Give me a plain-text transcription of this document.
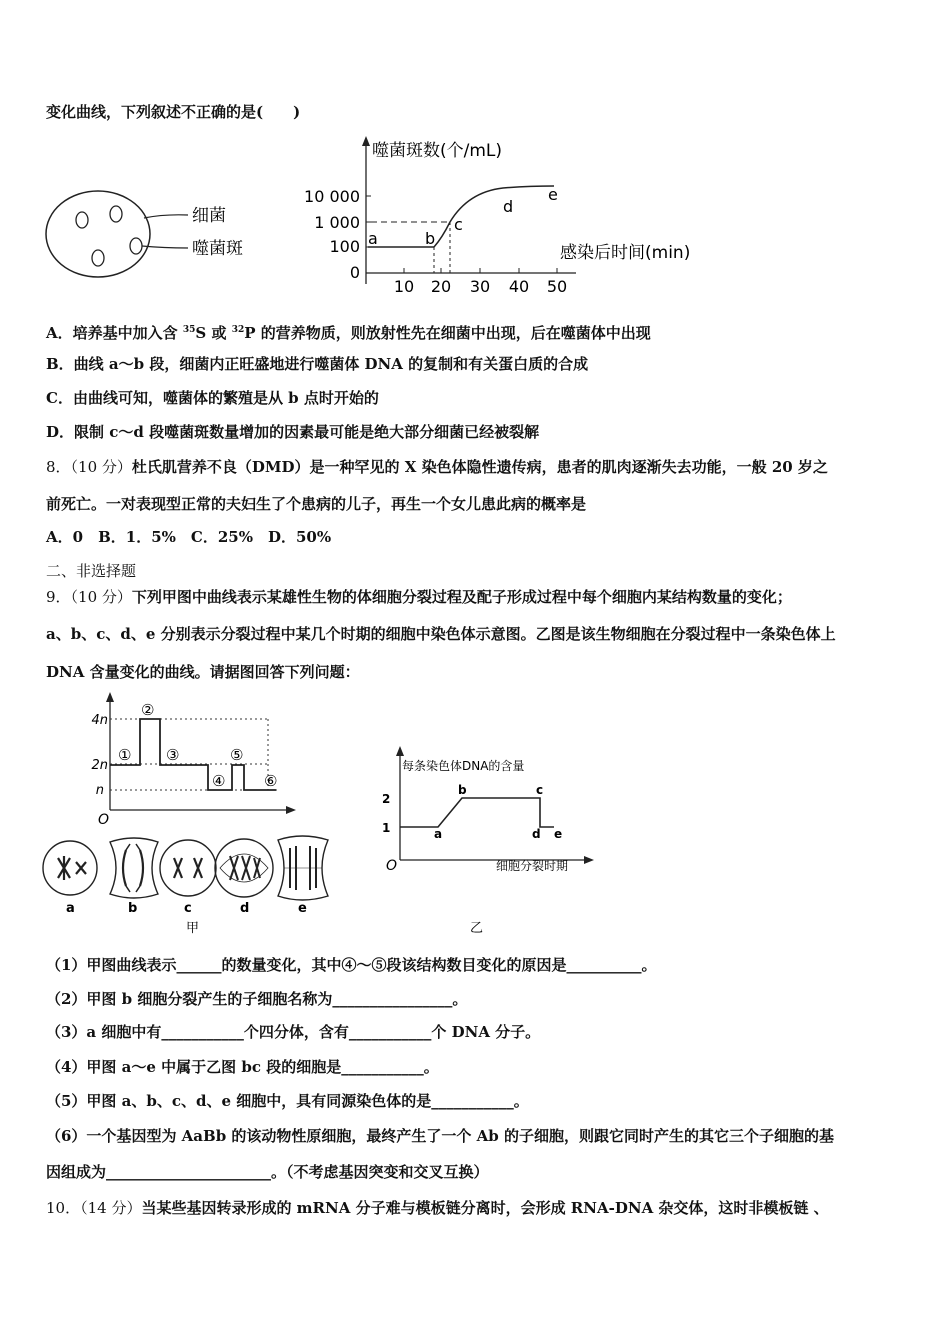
变化曲线，下列叙述不正确的是(　　)
细菌
噬菌斑
噬菌斑数(个/mL)
感染后时间(min)
10 000
1 000
100
0
10 20 30 40 50
a	b
c
d
e
A．培养基中加入含 $^{35}$S 或 $^{32}$P 的营养物质，则放射性先在细菌中出现，后在噬菌体中出现
B．曲线 a～b 段，细菌内正旺盛地进行噬菌体 DNA 的复制和有关蛋白质的合成
C．由曲线可知，噬菌体的繁殖是从 b 点时开始的
D．限制 c～d 段噬菌斑数量增加的因素最可能是绝大部分细菌已经被裂解
8．（10 分）杜氏肌营养不良（DMD）是一种罕见的 X 染色体隐性遗传病，患者的肌肉逐渐失去功能，一般 20 岁之
前死亡。一对表现型正常的夫妇生了个患病的儿子，再生一个女儿患此病的概率是
A．0　B．1．5%　C．25%　D．50%
二、非选择题
9．（10 分）下列甲图中曲线表示某雄性生物的体细胞分裂过程及配子形成过程中每个细胞内某结构数量的变化；
a、b、c、d、e 分别表示分裂过程中某几个时期的细胞中染色体示意图。乙图是该生物细胞在分裂过程中一条染色体上
DNA 含量变化的曲线。请据图回答下列问题：
4n
2n
n
O
①
②
③
④
⑤
⑥
a	b	c	d	e
甲
每条染色体DNA的含量
细胞分裂时期
2
1
O
a
b	c
d e
乙
（1）甲图曲线表示______的数量变化，其中④～⑤段该结构数目变化的原因是__________。
（2）甲图 b 细胞分裂产生的子细胞名称为________________。
（3）a 细胞中有___________个四分体，含有___________个 DNA 分子。
（4）甲图 a～e 中属于乙图 bc 段的细胞是___________。
（5）甲图 a、b、c、d、e 细胞中，具有同源染色体的是___________。
（6）一个基因型为 AaBb 的该动物性原细胞，最终产生了一个 Ab 的子细胞，则跟它同时产生的其它三个子细胞的基
因组成为______________________。（不考虑基因突变和交叉互换）
10．（14 分）当某些基因转录形成的 mRNA 分子难与模板链分离时，会形成 RNA-DNA 杂交体，这时非模板链 、
